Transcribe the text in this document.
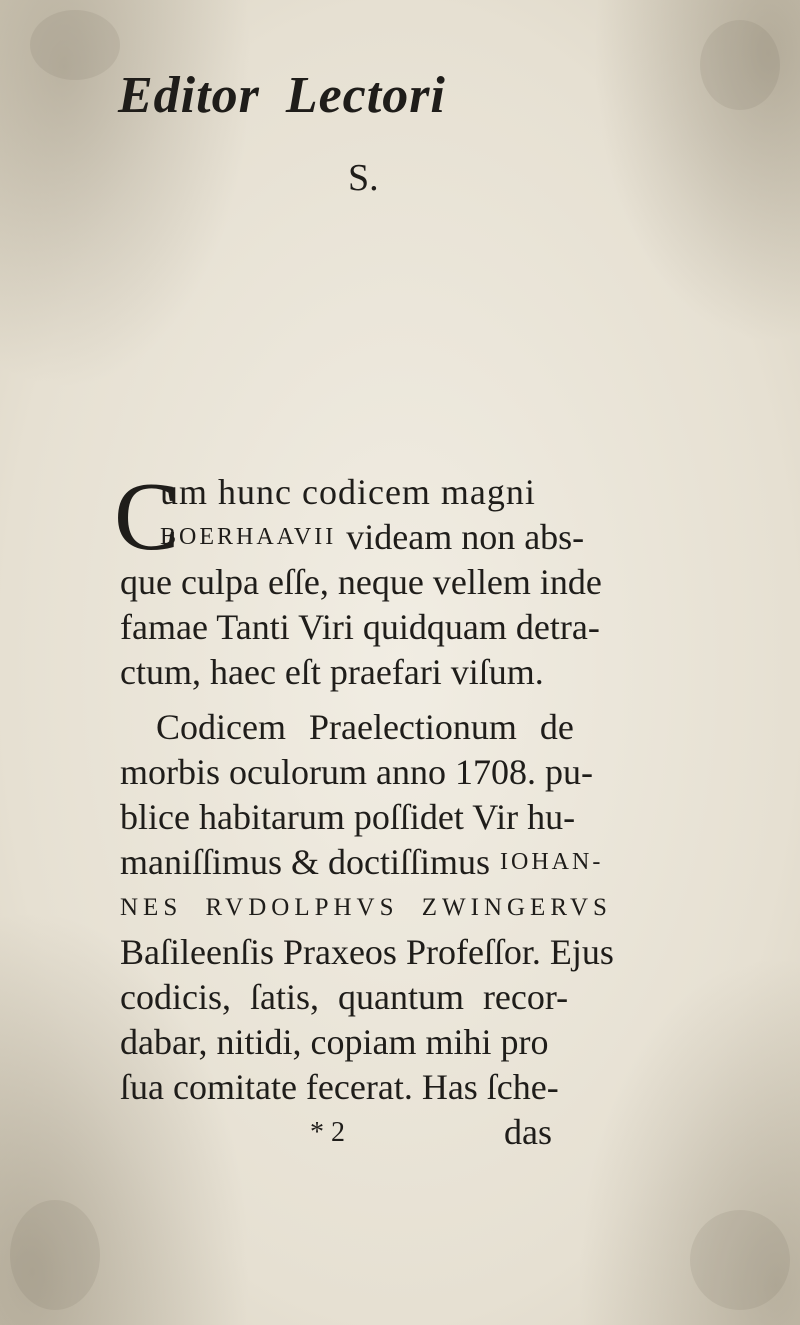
Editor Lectori
S.
C
um hunc codicem magni
BOERHAAVII videam non abs-
que culpa eſſe, neque vellem inde
famae Tanti Viri quidquam detra-
ctum, haec eſt praefari viſum.
Codicem Praelectionum de
morbis oculorum anno 1708. pu-
blice habitarum poſſidet Vir hu-
maniſſimus & doctiſſimus IOHAN-
NES RVDOLPHVS ZWINGERVS
Baſileenſis Praxeos Profeſſor. Ejus
codicis, ſatis, quantum recor-
dabar, nitidi, copiam mihi pro
ſua comitate fecerat. Has ſche-
* 2	das
